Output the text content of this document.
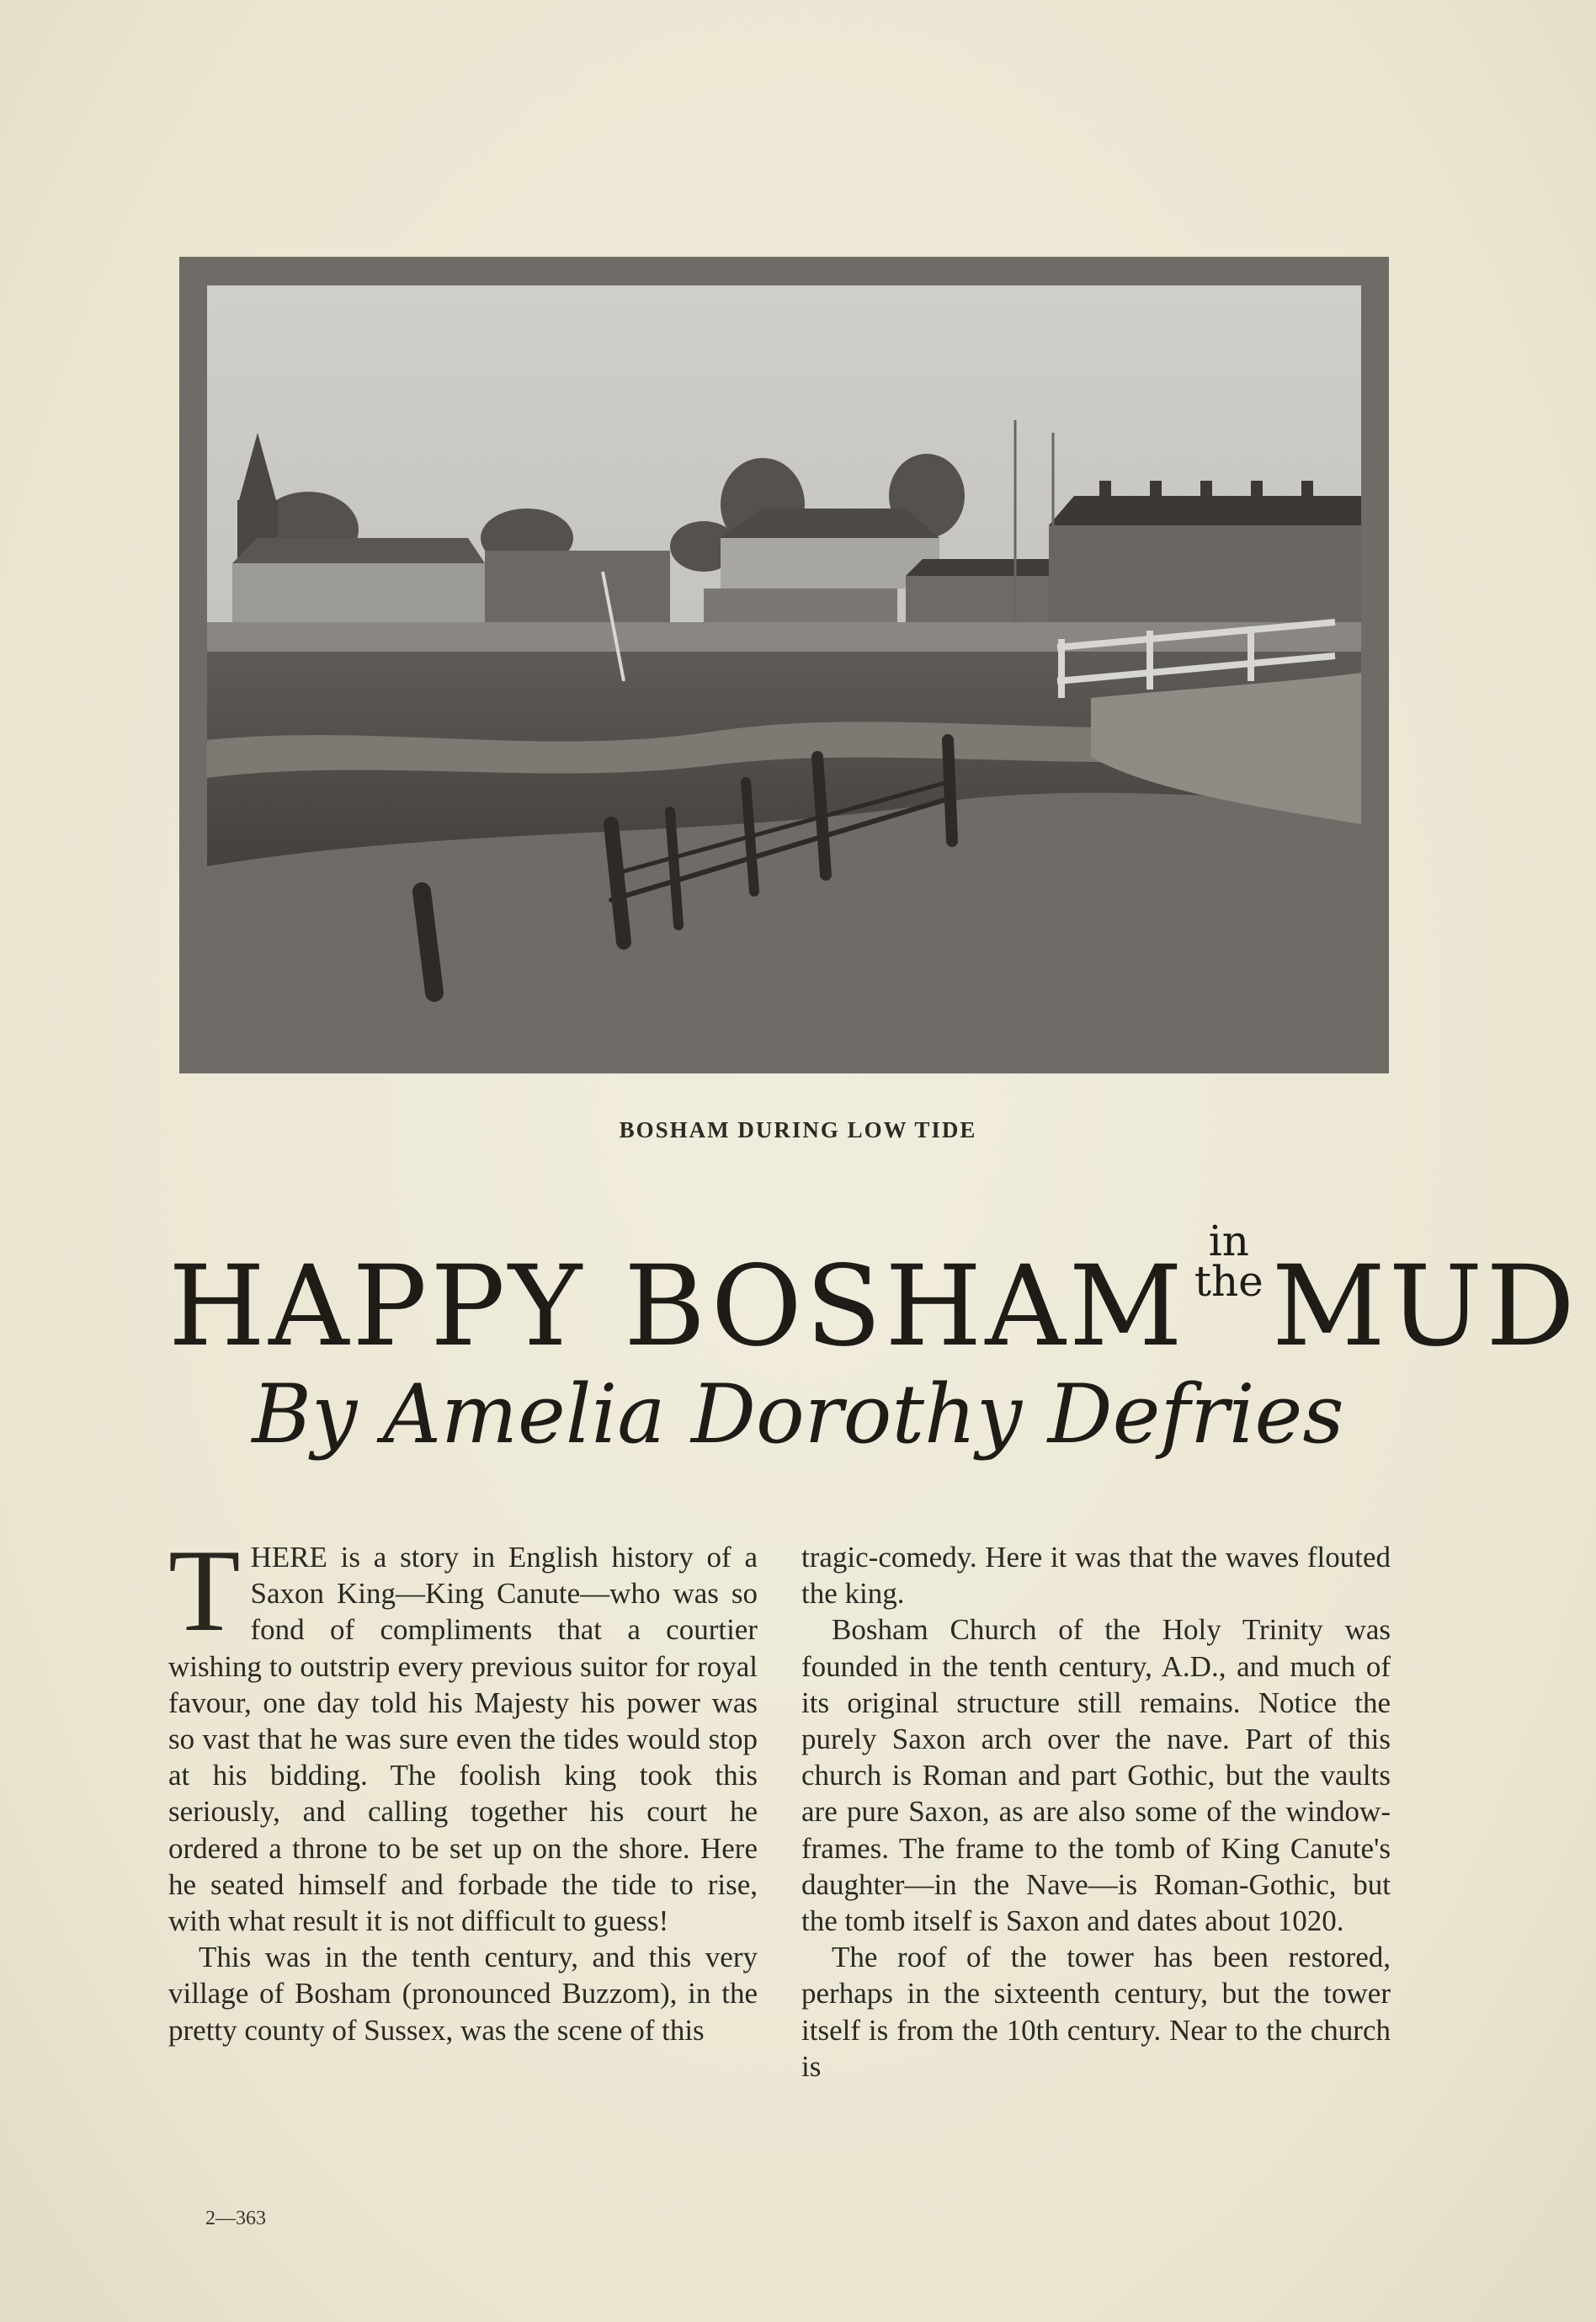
BOSHAM DURING LOW TIDE
HAPPY BOSHAMin
theMUD
By Amelia Dorothy Defries

THERE is a story in English history of a Saxon King—King Canute—who was so fond of compliments that a courtier wishing to outstrip every previous suitor for royal favour, one day told his Majesty his power was so vast that he was sure even the tides would stop at his bidding. The foolish king took this seriously, and calling together his court he ordered a throne to be set up on the shore. Here he seated himself and forbade the tide to rise, with what result it is not difficult to guess!

This was in the tenth century, and this very village of Bosham (pronounced Buzzom), in the pretty county of Sussex, was the scene of this

tragic-comedy. Here it was that the waves flouted the king.

Bosham Church of the Holy Trinity was founded in the tenth century, A.D., and much of its original structure still remains. Notice the purely Saxon arch over the nave. Part of this church is Roman and part Gothic, but the vaults are pure Saxon, as are also some of the window-frames. The frame to the tomb of King Canute's daughter—in the Nave—is Roman-Gothic, but the tomb itself is Saxon and dates about 1020.

The roof of the tower has been restored, perhaps in the sixteenth century, but the tower itself is from the 10th century. Near to the church is

2—363
